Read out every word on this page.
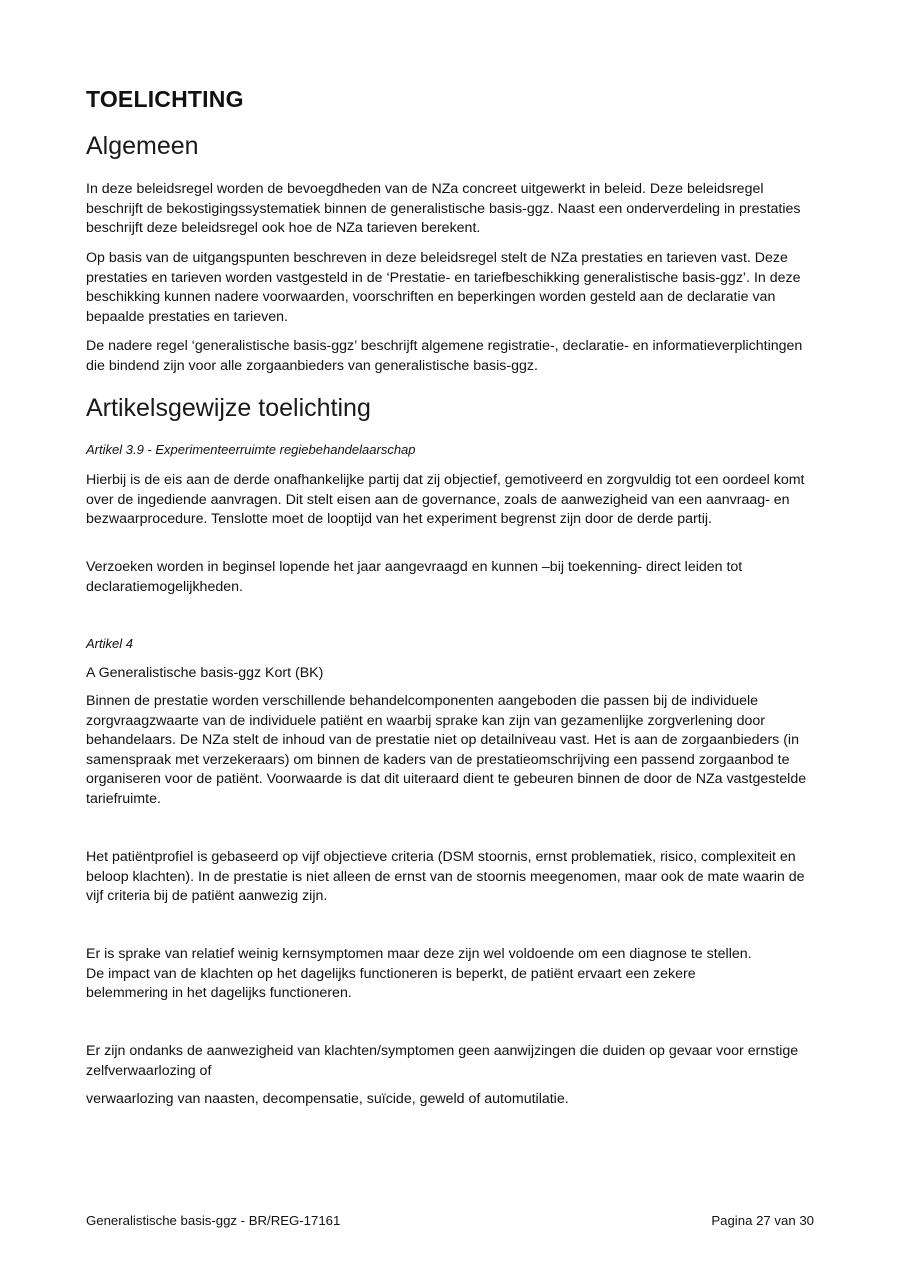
TOELICHTING
Algemeen

In deze beleidsregel worden de bevoegdheden van de NZa concreet uitgewerkt in beleid. Deze beleidsregel beschrijft de bekostigingssystematiek binnen de generalistische basis-ggz. Naast een onderverdeling in prestaties beschrijft deze beleidsregel ook hoe de NZa tarieven berekent.

Op basis van de uitgangspunten beschreven in deze beleidsregel stelt de NZa prestaties en tarieven vast. Deze prestaties en tarieven worden vastgesteld in de ‘Prestatie- en tariefbeschikking generalistische basis-ggz’. In deze beschikking kunnen nadere voorwaarden, voorschriften en beperkingen worden gesteld aan de declaratie van bepaalde prestaties en tarieven.

De nadere regel ‘generalistische basis-ggz’ beschrijft algemene registratie-, declaratie- en informatieverplichtingen die bindend zijn voor alle zorgaanbieders van generalistische basis-ggz.

Artikelsgewijze toelichting

Artikel 3.9 - Experimenteerruimte regiebehandelaarschap

Hierbij is de eis aan de derde onafhankelijke partij dat zij objectief, gemotiveerd en zorgvuldig tot een oordeel komt over de ingediende aanvragen. Dit stelt eisen aan de governance, zoals de aanwezigheid van een aanvraag- en bezwaarprocedure. Tenslotte moet de looptijd van het experiment begrenst zijn door de derde partij.

Verzoeken worden in beginsel lopende het jaar aangevraagd en kunnen –bij toekenning- direct leiden tot declaratiemogelijkheden.

Artikel 4

A Generalistische basis-ggz Kort (BK)

Binnen de prestatie worden verschillende behandelcomponenten aangeboden die passen bij de individuele zorgvraagzwaarte van de individuele patiënt en waarbij sprake kan zijn van gezamenlijke zorgverlening door behandelaars. De NZa stelt de inhoud van de prestatie niet op detailniveau vast. Het is aan de zorgaanbieders (in samenspraak met verzekeraars) om binnen de kaders van de prestatieomschrijving een passend zorgaanbod te organiseren voor de patiënt. Voorwaarde is dat dit uiteraard dient te gebeuren binnen de door de NZa vastgestelde tariefruimte.

Het patiëntprofiel is gebaseerd op vijf objectieve criteria (DSM stoornis, ernst problematiek, risico, complexiteit en beloop klachten). In de prestatie is niet alleen de ernst van de stoornis meegenomen, maar ook de mate waarin de vijf criteria bij de patiënt aanwezig zijn.

Er is sprake van relatief weinig kernsymptomen maar deze zijn wel voldoende om een diagnose te stellen. De impact van de klachten op het dagelijks functioneren is beperkt, de patiënt ervaart een zekere belemmering in het dagelijks functioneren.

Er zijn ondanks de aanwezigheid van klachten/symptomen geen aanwijzingen die duiden op gevaar voor ernstige zelfverwaarlozing of

verwaarlozing van naasten, decompensatie, suïcide, geweld of automutilatie.

Generalistische basis-ggz - BR/REG-17161	Pagina 27 van 30
